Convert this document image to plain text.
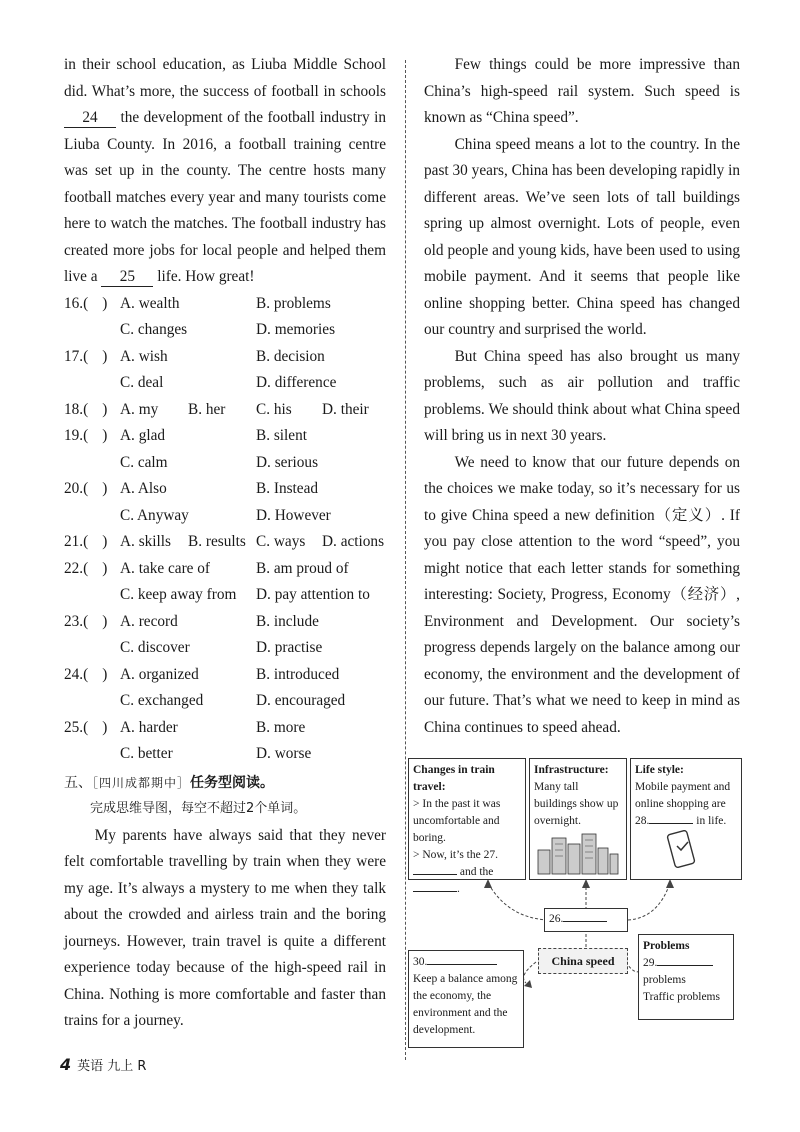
in their school education, as Liuba Middle School did. What’s more, the success of football in schools 24 the development of the football industry in Liuba County. In 2016, a football training centre was set up in the county. The centre hosts many football matches every year and many tourists come here to watch the matches. The football industry has created more jobs for local people and helped them live a 25 life. How great!

16.( ) A. wealth	B. problems
C. changes	D. memories
17.( ) A. wish	B. decision
C. deal	D. difference
18.( ) A. my B. her C. his D. their
19.( ) A. glad	B. silent
C. calm	D. serious
20.( ) A. Also	B. Instead
C. Anyway	D. However
21.( ) A. skills B. results C. ways D. actions
22.( ) A. take care of	B. am proud of
C. keep away from D. pay attention to
23.( ) A. record	B. include
C. discover	D. practise
24.( ) A. organized	B. introduced
C. exchanged	D. encouraged
25.( ) A. harder	B. more
C. better	D. worse
五、［四川成都期中］任务型阅读。
完成思维导图，每空不超过2个单词。

My parents have always said that they never felt comfortable travelling by train when they were my age. It’s always a mystery to me when they talk about the crowded and airless train and the boring journeys. However, train travel is quite a different experience today because of the high-speed rail in China. Nothing is more comfortable and faster than trains for a journey.

Few things could be more impressive than China’s high-speed rail system. Such speed is known as “China speed”.

China speed means a lot to the country. In the past 30 years, China has been developing rapidly in different areas. We’ve seen lots of tall buildings spring up almost overnight. Lots of people, even old people and young kids, have been used to using mobile payment. And it seems that people like online shopping better. China speed has changed our country and surprised the world.

But China speed has also brought us many problems, such as air pollution and traffic problems. We should think about what China speed will bring us in next 30 years.

We need to know that our future depends on the choices we make today, so it’s necessary for us to give China speed a new definition（定义）. If you pay close attention to the word “speed”, you might notice that each letter stands for something interesting: Society, Progress, Economy（经济）, Environment and Development. Our society’s progress depends largely on the balance among our economy, the environment and the development of our future. That’s what we need to keep in mind as China continues to speed ahead.

Changes in train travel:
> In the past it was uncomfortable and boring.
> Now, it’s the 27. and the.
Infrastructure:
Many tall buildings show up overnight.
Life style:
Mobile payment and online shopping are 28.	in life.
26.
China speed
30.
Keep a balance among the economy, the environment and the development.
Problems
29.
problems
Traffic problems
4 英语 九上 R
